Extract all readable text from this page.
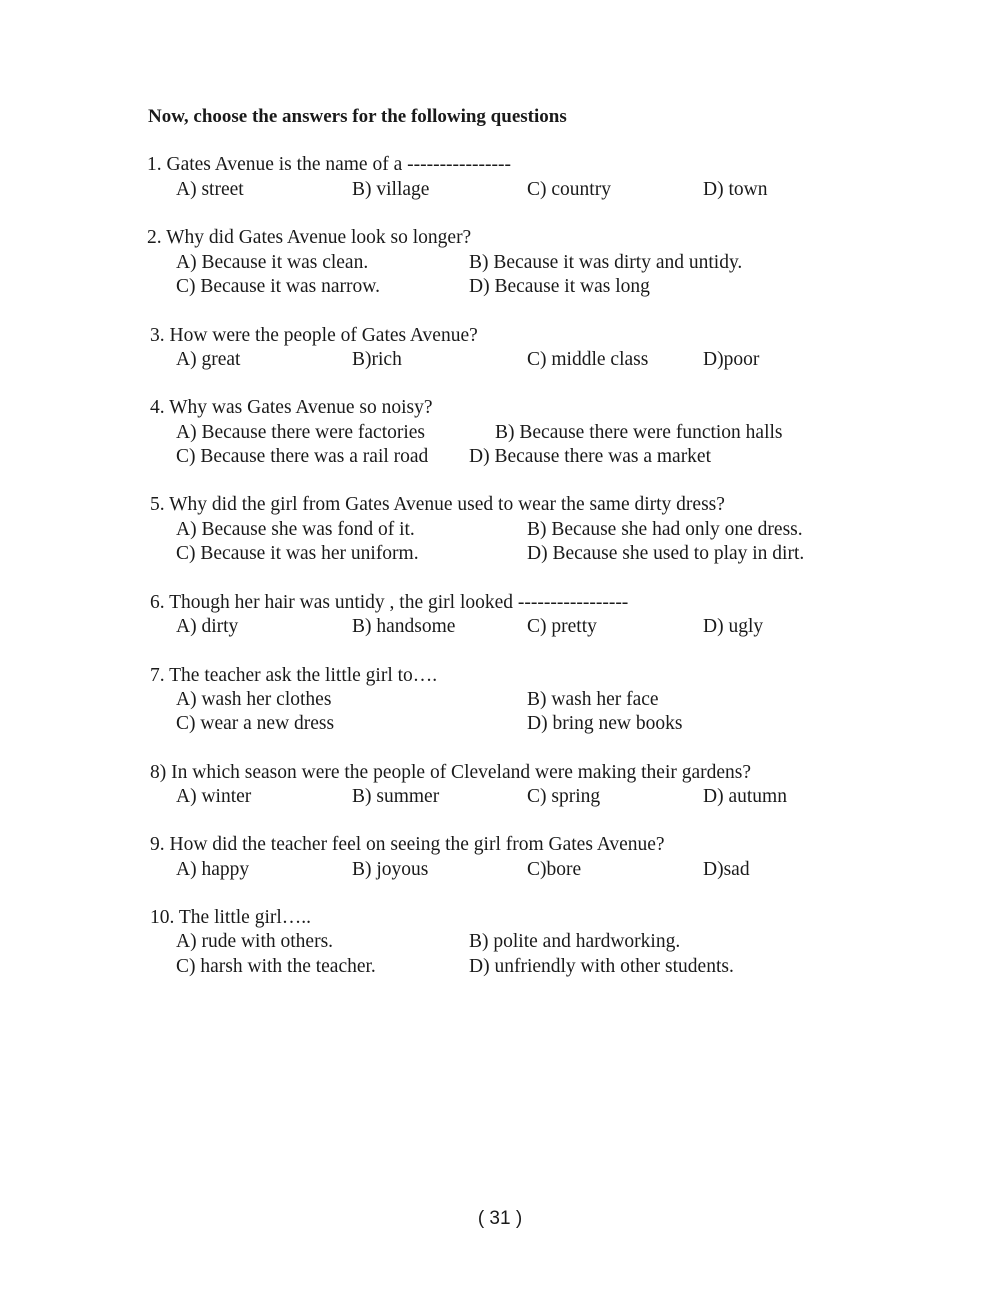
Now, choose the answers for the following questions
1. Gates Avenue is the name of a ----------------
A) street	B) village	C) country	D) town
2. Why did Gates Avenue look so longer?
A) Because it was clean.	B) Because it was dirty and untidy.
C) Because it was narrow.	D) Because it was long
3. How were the people of Gates Avenue?
A) great	B)rich	C) middle class	D)poor
4. Why was Gates Avenue so noisy?
A) Because there were factories	B) Because there were function halls
C) Because there was a rail road D) Because there was a market
5. Why did the girl from Gates Avenue used to wear the same dirty dress?
A) Because she was fond of it.	B) Because she had only one dress.
C) Because it was her uniform.	D) Because she used to play in dirt.
6. Though her hair was untidy , the girl looked -----------------
A) dirty	B) handsome	C) pretty	D) ugly
7. The teacher ask the little girl to….
A) wash her clothes	B) wash her face
C) wear a new dress	D) bring new books
8) In which season were the people of Cleveland were making their gardens?
A) winter	B) summer	C) spring	D) autumn
9. How did the teacher feel on seeing the girl from Gates Avenue?
A) happy	B) joyous	C)bore	D)sad
10. The little girl…..
A) rude with others.	B) polite and hardworking.
C) harsh with the teacher.	D) unfriendly with other students.
( 31 )
